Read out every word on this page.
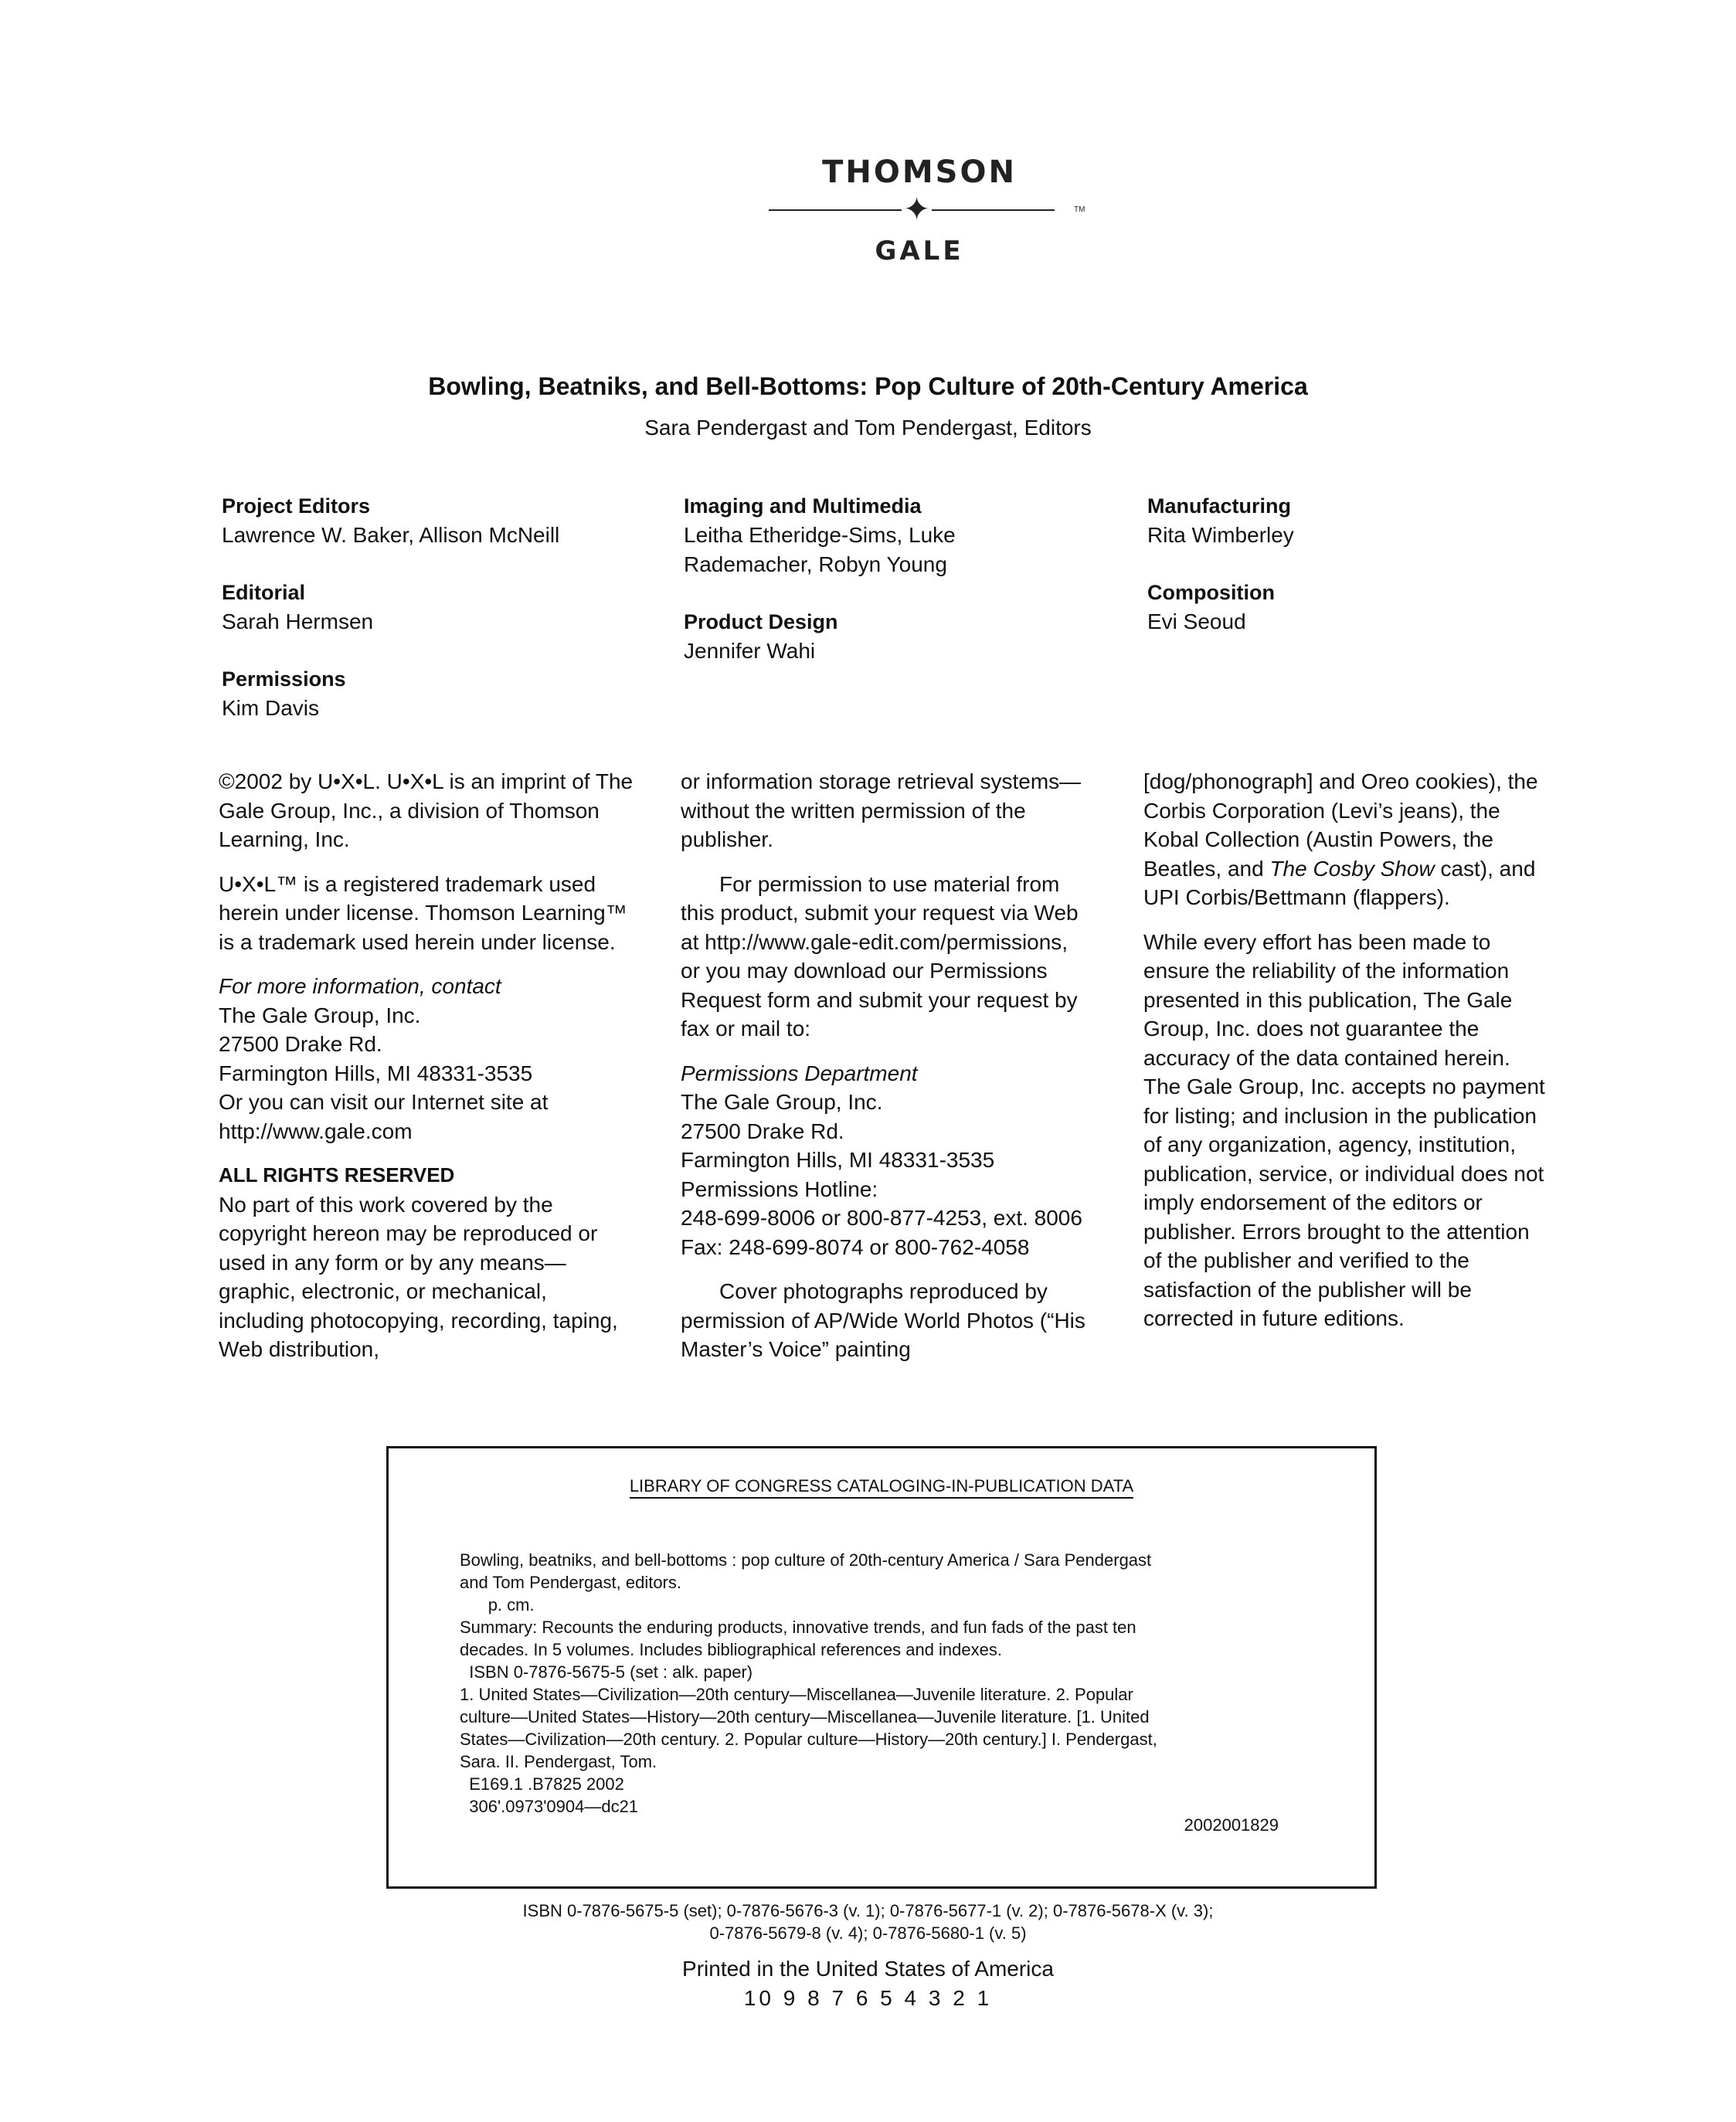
THOMSON
✦	TM
GALE
Bowling, Beatniks, and Bell-Bottoms: Pop Culture of 20th-Century America
Sara Pendergast and Tom Pendergast, Editors
Project Editors
Lawrence W. Baker, Allison McNeill
Editorial
Sarah Hermsen
Permissions
Kim Davis
Imaging and Multimedia
Leitha Etheridge-Sims, Luke Rademacher, Robyn Young
Product Design
Jennifer Wahi
Manufacturing
Rita Wimberley
Composition
Evi Seoud

©2002 by U•X•L. U•X•L is an imprint of The Gale Group, Inc., a division of Thomson Learning, Inc.

U•X•L™ is a registered trademark used herein under license. Thomson Learning™ is a trademark used herein under license.

For more information, contact
The Gale Group, Inc.
27500 Drake Rd.
Farmington Hills, MI 48331-3535
Or you can visit our Internet site at
http://www.gale.com
ALL RIGHTS RESERVED
No part of this work covered by the copyright hereon may be reproduced or used in any form or by any means—graphic, electronic, or mechanical, including photocopying, recording, taping, Web distribution,

or information storage retrieval systems—without the written permission of the publisher.

For permission to use material from this product, submit your request via Web at http://www.gale-edit.com/permissions, or you may download our Permissions Request form and submit your request by fax or mail to:

Permissions Department
The Gale Group, Inc.
27500 Drake Rd.
Farmington Hills, MI 48331-3535
Permissions Hotline:
248-699-8006 or 800-877-4253, ext. 8006
Fax: 248-699-8074 or 800-762-4058

Cover photographs reproduced by permission of AP/Wide World Photos (“His Master’s Voice” painting

[dog/phonograph] and Oreo cookies), the Corbis Corporation (Levi’s jeans), the Kobal Collection (Austin Powers, the Beatles, and The Cosby Show cast), and UPI Corbis/Bettmann (flappers).

While every effort has been made to ensure the reliability of the information presented in this publication, The Gale Group, Inc. does not guarantee the accuracy of the data contained herein. The Gale Group, Inc. accepts no payment for listing; and inclusion in the publication of any organization, agency, institution, publication, service, or individual does not imply endorsement of the editors or publisher. Errors brought to the attention of the publisher and verified to the satisfaction of the publisher will be corrected in future editions.

LIBRARY OF CONGRESS CATALOGING-IN-PUBLICATION DATA
Bowling, beatniks, and bell-bottoms : pop culture of 20th-century America / Sara Pendergast
and Tom Pendergast, editors.
p. cm.
Summary: Recounts the enduring products, innovative trends, and fun fads of the past ten
decades. In 5 volumes. Includes bibliographical references and indexes.
ISBN 0-7876-5675-5 (set : alk. paper)
1. United States—Civilization—20th century—Miscellanea—Juvenile literature. 2. Popular
culture—United States—History—20th century—Miscellanea—Juvenile literature. [1. United
States—Civilization—20th century. 2. Popular culture—History—20th century.] I. Pendergast,
Sara. II. Pendergast, Tom.
E169.1 .B7825 2002
306'.0973'0904—dc21
2002001829
ISBN 0-7876-5675-5 (set); 0-7876-5676-3 (v. 1); 0-7876-5677-1 (v. 2); 0-7876-5678-X (v. 3);
0-7876-5679-8 (v. 4); 0-7876-5680-1 (v. 5)
Printed in the United States of America
10 9 8 7 6 5 4 3 2 1
